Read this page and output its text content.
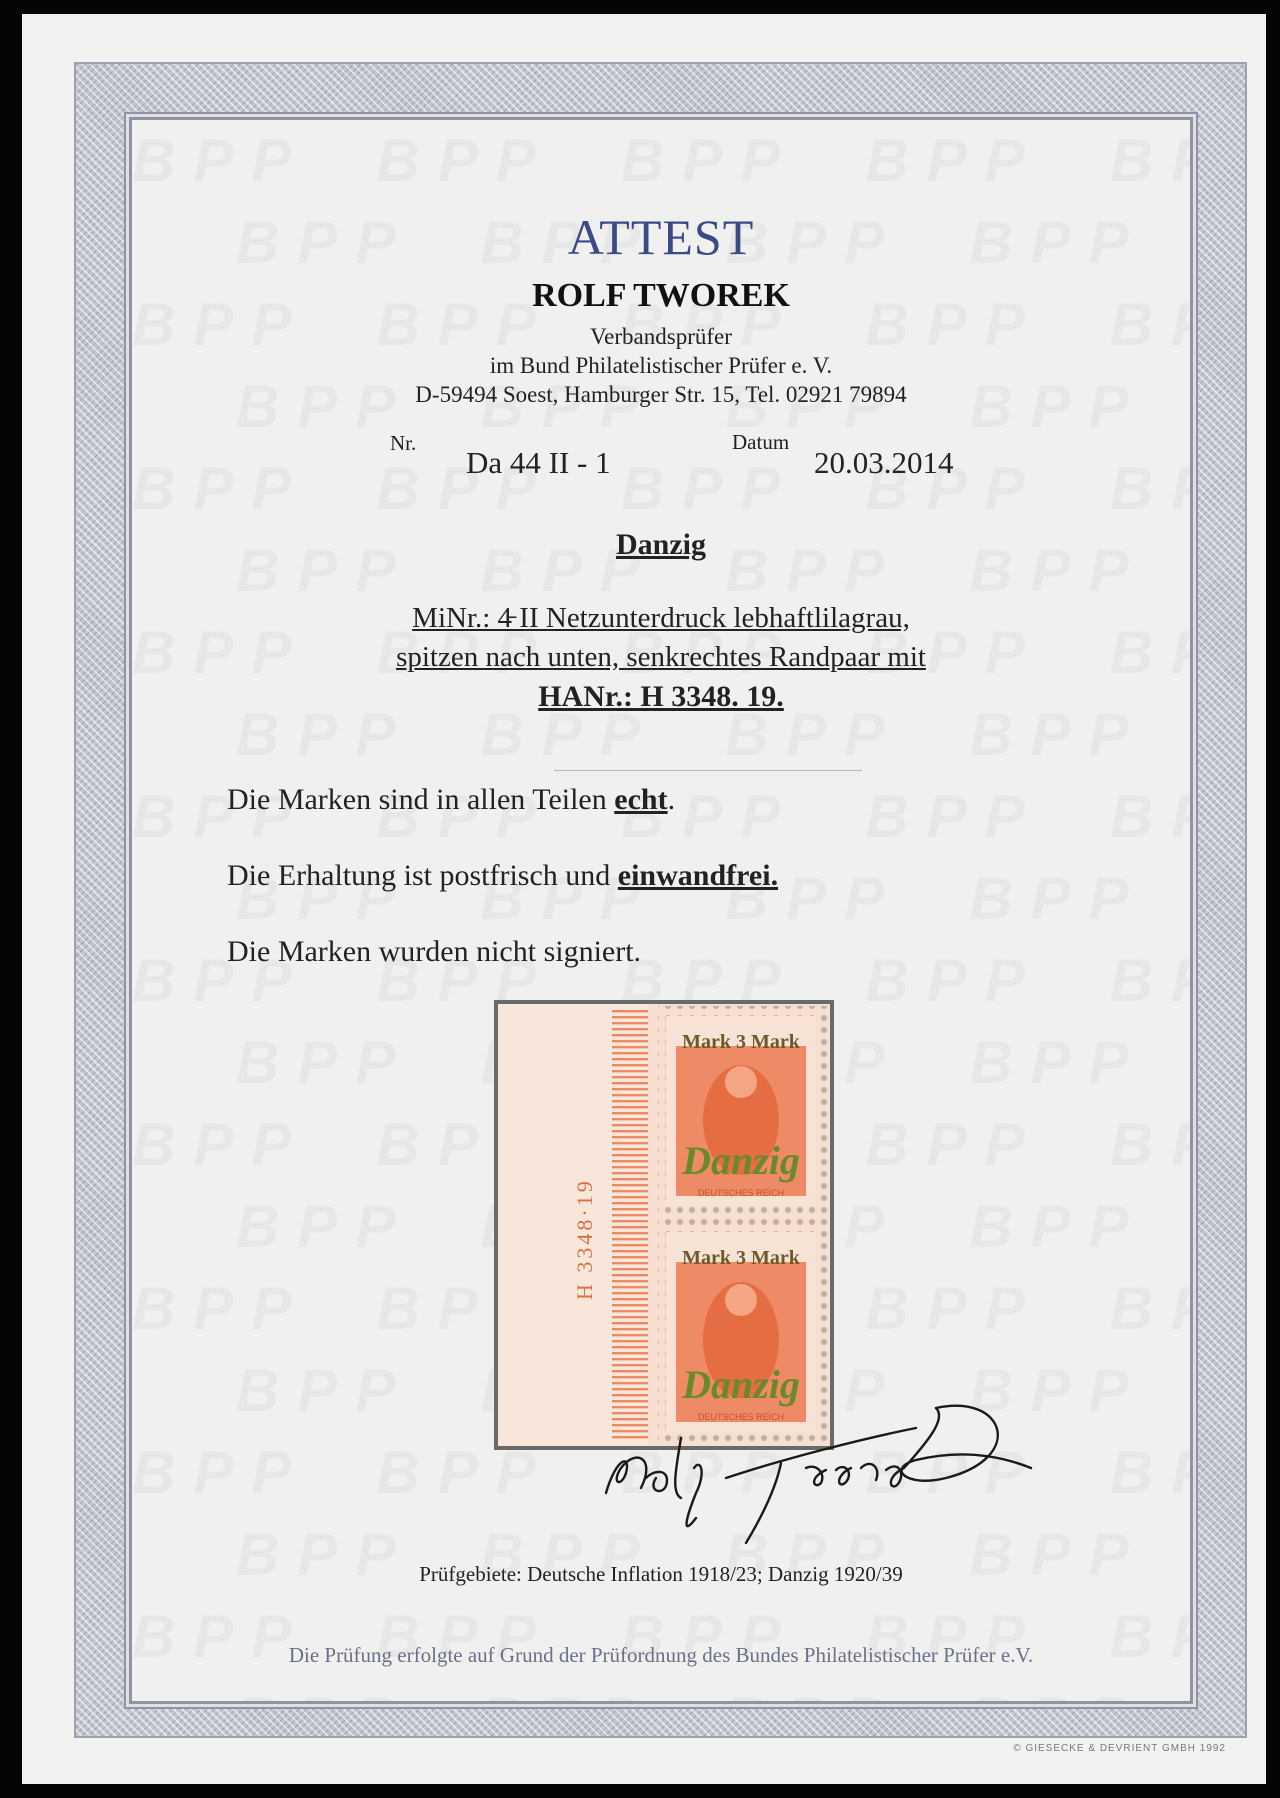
ATTEST
ROLF TWOREK
Verbandsprüfer
im Bund Philatelistischer Prüfer e. V.
D-59494 Soest, Hamburger Str. 15, Tel. 02921 79894
Nr.
Da 44 II - 1
Datum
20.03.2014
Danzig
MiNr.: 4̵ II Netzunterdruck lebhaftlilagrau,
spitzen nach unten, senkrechtes Randpaar mit
HANr.: H 3348. 19.
Die Marken sind in allen Teilen echt.
Die Erhaltung ist postfrisch und einwandfrei.
Die Marken wurden nicht signiert.
H 3348·19
Mark 3 Mark
Danzig
DEUTSCHES REICH
Mark 3 Mark
Danzig
DEUTSCHES REICH
Prüfgebiete: Deutsche Inflation 1918/23; Danzig 1920/39
Die Prüfung erfolgte auf Grund der Prüfordnung des Bundes Philatelistischer Prüfer e.V.
© GIESECKE & DEVRIENT GMBH 1992
